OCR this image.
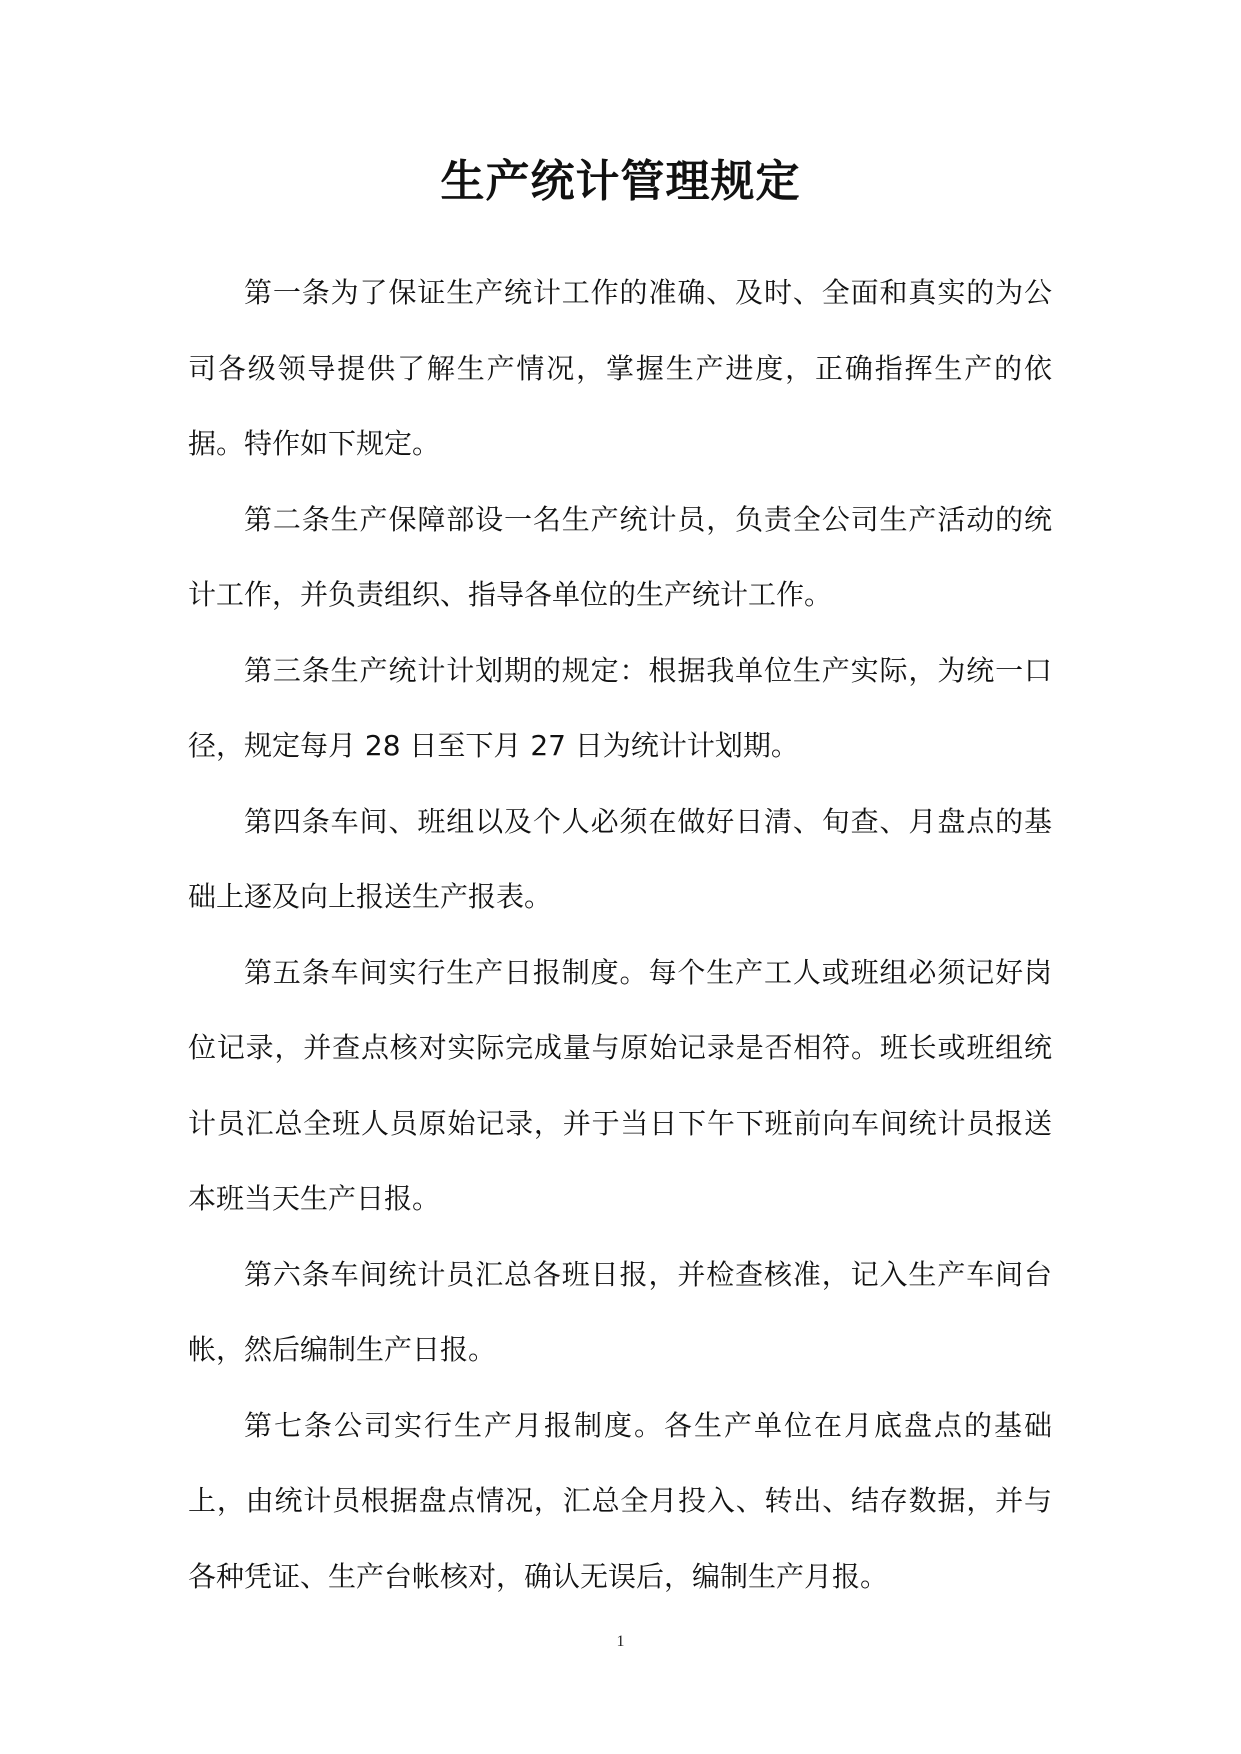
生产统计管理规定

第一条为了保证生产统计工作的准确、及时、全面和真实的为公司各级领导提供了解生产情况，掌握生产进度，正确指挥生产的依据。特作如下规定。

第二条生产保障部设一名生产统计员，负责全公司生产活动的统计工作，并负责组织、指导各单位的生产统计工作。

第三条生产统计计划期的规定：根据我单位生产实际，为统一口径，规定每月 28 日至下月 27 日为统计计划期。

第四条车间、班组以及个人必须在做好日清、旬查、月盘点的基础上逐及向上报送生产报表。

第五条车间实行生产日报制度。每个生产工人或班组必须记好岗位记录，并查点核对实际完成量与原始记录是否相符。班长或班组统计员汇总全班人员原始记录，并于当日下午下班前向车间统计员报送本班当天生产日报。

第六条车间统计员汇总各班日报，并检查核准，记入生产车间台帐，然后编制生产日报。

第七条公司实行生产月报制度。各生产单位在月底盘点的基础上，由统计员根据盘点情况，汇总全月投入、转出、结存数据，并与各种凭证、生产台帐核对，确认无误后，编制生产月报。

1
